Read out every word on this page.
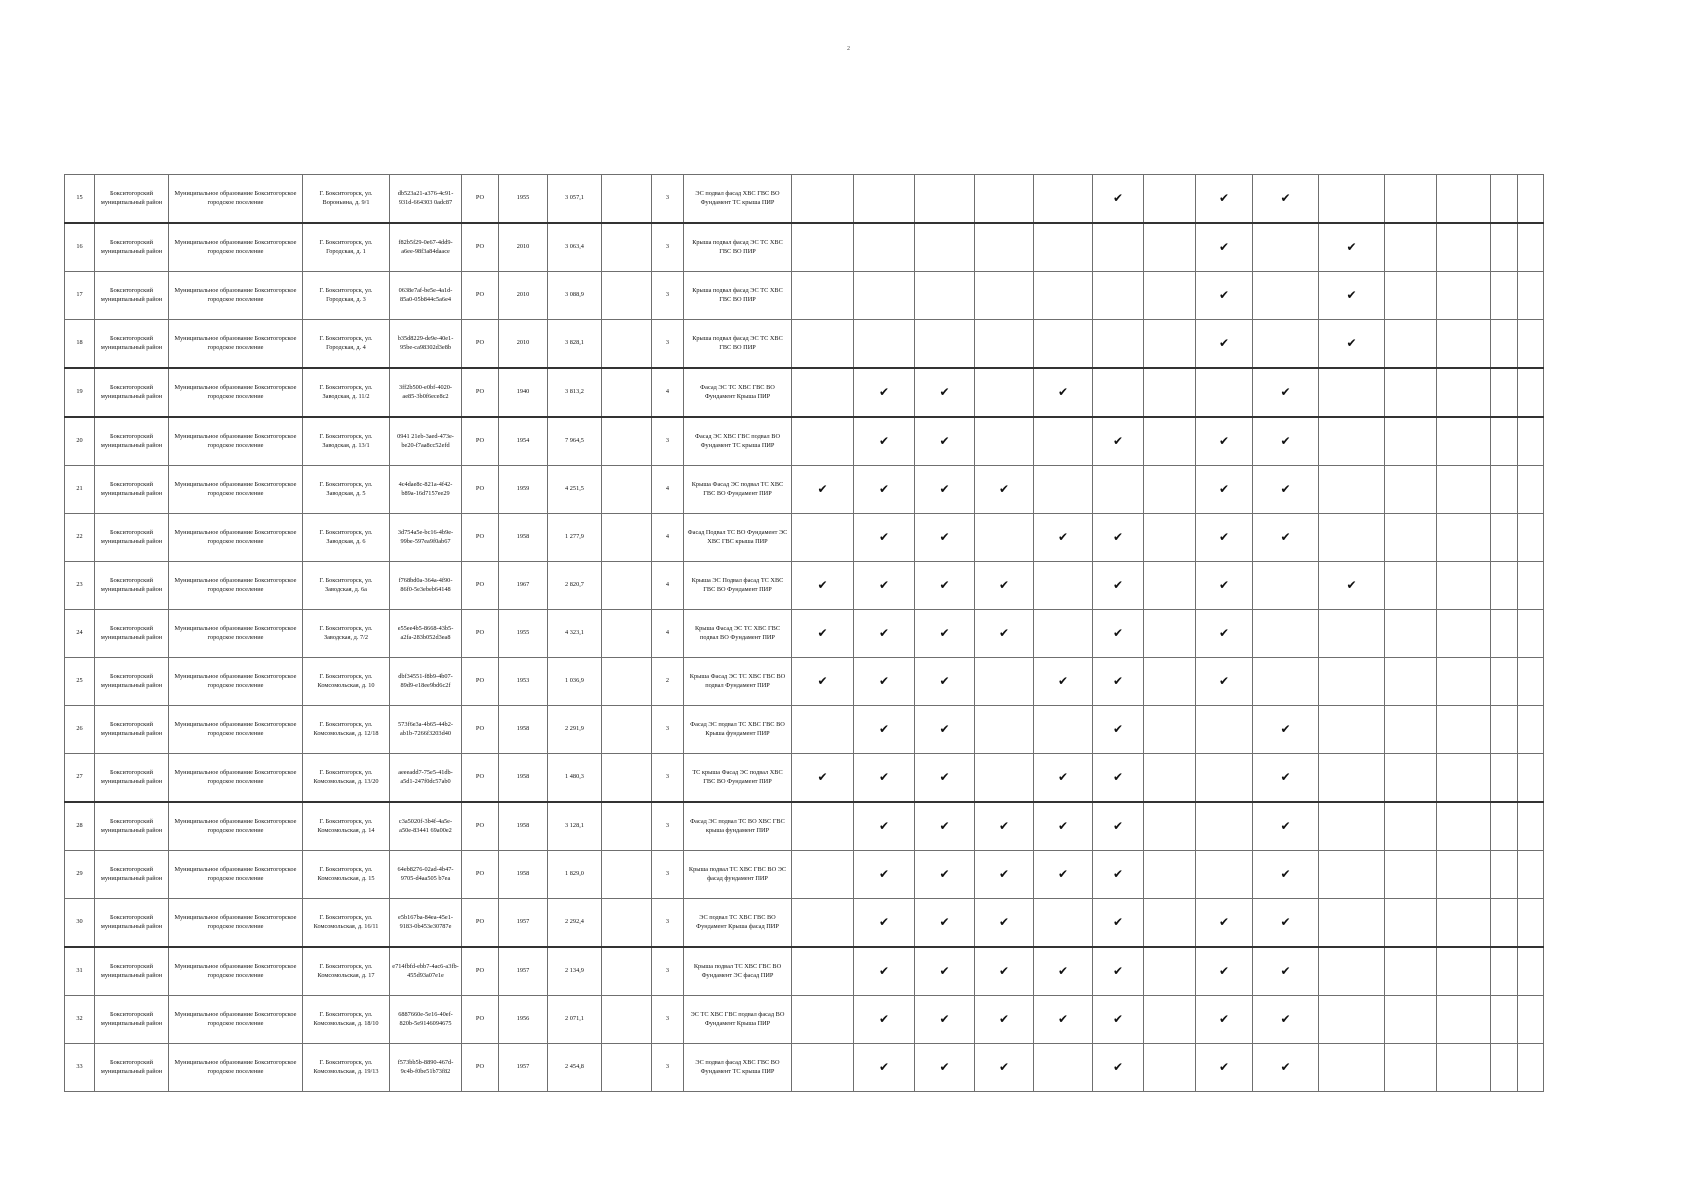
2
15	Бокситогорский муниципальный район	Муниципальное образование Бокситогорское городское поселение	Г. Бокситогорск, ул. Вороньина, д. 9/1	db523a21-a376-4c91-931d-664303 0adc87	РО	1955	3 057,1		3	ЭС подвал фасад ХВС ГВС ВО Фундамент ТС крыша ПИР						✔		✔	✔					
16	Бокситогорский муниципальный район	Муниципальное образование Бокситогорское городское поселение	Г. Бокситогорск, ул. Городская, д. 1	f82b5f29-0e67-4dd9-a6ee-98f3a84daace	РО	2010	3 063,4		3	Крыша подвал фасад ЭС ТС ХВС ГВС ВО ПИР								✔		✔				
17	Бокситогорский муниципальный район	Муниципальное образование Бокситогорское городское поселение	Г. Бокситогорск, ул. Городская, д. 3	0638e7af-be5e-4a1d-85a0-05b844c5a6e4	РО	2010	3 088,9		3	Крыша подвал фасад ЭС ТС ХВС ГВС ВО ПИР								✔		✔				
18	Бокситогорский муниципальный район	Муниципальное образование Бокситогорское городское поселение	Г. Бокситогорск, ул. Городская, д. 4	b35d8229-de9e-40e1-95be-ca98302d3e8b	РО	2010	3 828,1		3	Крыша подвал фасад ЭС ТС ХВС ГВС ВО ПИР								✔		✔				
19	Бокситогорский муниципальный район	Муниципальное образование Бокситогорское городское поселение	Г. Бокситогорск, ул. Заводская, д. 11/2	3ff2b500-e0bf-4020-ae85-3b0f6ece8c2	РО	1940	3 813,2		4	Фасад ЭС ТС ХВС ГВС ВО Фундамент Крыша ПИР		✔	✔		✔				✔					
20	Бокситогорский муниципальный район	Муниципальное образование Бокситогорское городское поселение	Г. Бокситогорск, ул. Заводская, д. 13/1	0941 21eb-3aed-473e-be20-f7aa8cc52efd	РО	1954	7 964,5		3	Фасад ЭС ХВС ГВС подвал ВО Фундамент ТС крыша ПИР		✔	✔			✔		✔	✔					
21	Бокситогорский муниципальный район	Муниципальное образование Бокситогорское городское поселение	Г. Бокситогорск, ул. Заводская, д. 5	4c4dae8c-821a-4f42-b89a-16d7157ee29	РО	1959	4 251,5		4	Крыша Фасад ЭС подвал ТС ХВС ГВС ВО Фундамент ПИР	✔	✔	✔	✔				✔	✔					
22	Бокситогорский муниципальный район	Муниципальное образование Бокситогорское городское поселение	Г. Бокситогорск, ул. Заводская, д. 6	3d754a5e-bc16-4b9e-99be-597ea9f0ab67	РО	1958	1 277,9		4	Фасад Подвал ТС ВО Фундамент ЭС ХВС ГВС крыша ПИР		✔	✔		✔	✔		✔	✔					
23	Бокситогорский муниципальный район	Муниципальное образование Бокситогорское городское поселение	Г. Бокситогорск, ул. Заводская, д. 6а	f768bd0a-364a-4f90-86f0-5e3ebeb64148	РО	1967	2 820,7		4	Крыша ЭС Подвал фасад ТС ХВС ГВС ВО Фундамент ПИР	✔	✔	✔	✔		✔		✔		✔				
24	Бокситогорский муниципальный район	Муниципальное образование Бокситогорское городское поселение	Г. Бокситогорск, ул. Заводская, д. 7/2	e55ee4b5-8668-43b5-a2fa-283b052d3ea8	РО	1955	4 323,1		4	Крыша Фасад ЭС ТС ХВС ГВС подвал ВО Фундамент ПИР	✔	✔	✔	✔		✔		✔						
25	Бокситогорский муниципальный район	Муниципальное образование Бокситогорское городское поселение	Г. Бокситогорск, ул. Комсомольская, д. 10	dbf34551-f8b9-4b07-89d9-e18ee9bd6c2f	РО	1953	1 036,9		2	Крыша Фасад ЭС ТС ХВС ГВС ВО подвал Фундамент ПИР	✔	✔	✔		✔	✔		✔						
26	Бокситогорский муниципальный район	Муниципальное образование Бокситогорское городское поселение	Г. Бокситогорск, ул. Комсомольская, д. 12/18	573f6e3a-4b65-44b2-ab1b-7266f3203d40	РО	1958	2 291,9		3	Фасад ЭС подвал ТС ХВС ГВС ВО Крыша фундамент ПИР		✔	✔			✔			✔					
27	Бокситогорский муниципальный район	Муниципальное образование Бокситогорское городское поселение	Г. Бокситогорск, ул. Комсомольская, д. 13/20	aeeeadd7-75e5-41db-a5d1-247f0dc57ab0	РО	1958	1 480,3		3	ТС крыша Фасад ЭС подвал ХВС ГВС ВО Фундамент ПИР	✔	✔	✔		✔	✔			✔					
28	Бокситогорский муниципальный район	Муниципальное образование Бокситогорское городское поселение	Г. Бокситогорск, ул. Комсомольская, д. 14	c3a5020f-3b4f-4a5e-a50e-83441 69a00e2	РО	1958	3 128,1		3	Фасад ЭС подвал ТС ВО ХВС ГВС крыша фундамент ПИР		✔	✔	✔	✔	✔			✔					
29	Бокситогорский муниципальный район	Муниципальное образование Бокситогорское городское поселение	Г. Бокситогорск, ул. Комсомольская, д. 15	64eb8276-02ad-4b47-9705-d4aa505 b7ea	РО	1958	1 829,0		3	Крыша подвал ТС ХВС ГВС ВО ЭС фасад фундамент ПИР		✔	✔	✔	✔	✔			✔					
30	Бокситогорский муниципальный район	Муниципальное образование Бокситогорское городское поселение	Г. Бокситогорск, ул. Комсомольская, д. 16/11	e5b167ba-84ea-45e1-9183-0b453e30787e	РО	1957	2 292,4		3	ЭС подвал ТС ХВС ГВС ВО Фундамент Крыша фасад ПИР		✔	✔	✔		✔		✔	✔					
31	Бокситогорский муниципальный район	Муниципальное образование Бокситогорское городское поселение	Г. Бокситогорск, ул. Комсомольская, д. 17	e714fbfd-ebb7-4ac6-a3fb-455d93a07e1e	РО	1957	2 134,9		3	Крыша подвал ТС ХВС ГВС ВО Фундамент ЭС фасад ПИР		✔	✔	✔	✔	✔		✔	✔					
32	Бокситогорский муниципальный район	Муниципальное образование Бокситогорское городское поселение	Г. Бокситогорск, ул. Комсомольская, д. 18/10	6887660e-5e16-40ef-820b-5e9146094675	РО	1956	2 071,1		3	ЭС ТС ХВС ГВС подвал фасад ВО Фундамент Крыша ПИР		✔	✔	✔	✔	✔		✔	✔					
33	Бокситогорский муниципальный район	Муниципальное образование Бокситогорское городское поселение	Г. Бокситогорск, ул. Комсомольская, д. 19/13	f573bb5b-8890-467d-9c4b-f0be51b73f82	РО	1957	2 454,8		3	ЭС подвал фасад ХВС ГВС ВО Фундамент ТС крыша ПИР		✔	✔	✔		✔		✔	✔					
